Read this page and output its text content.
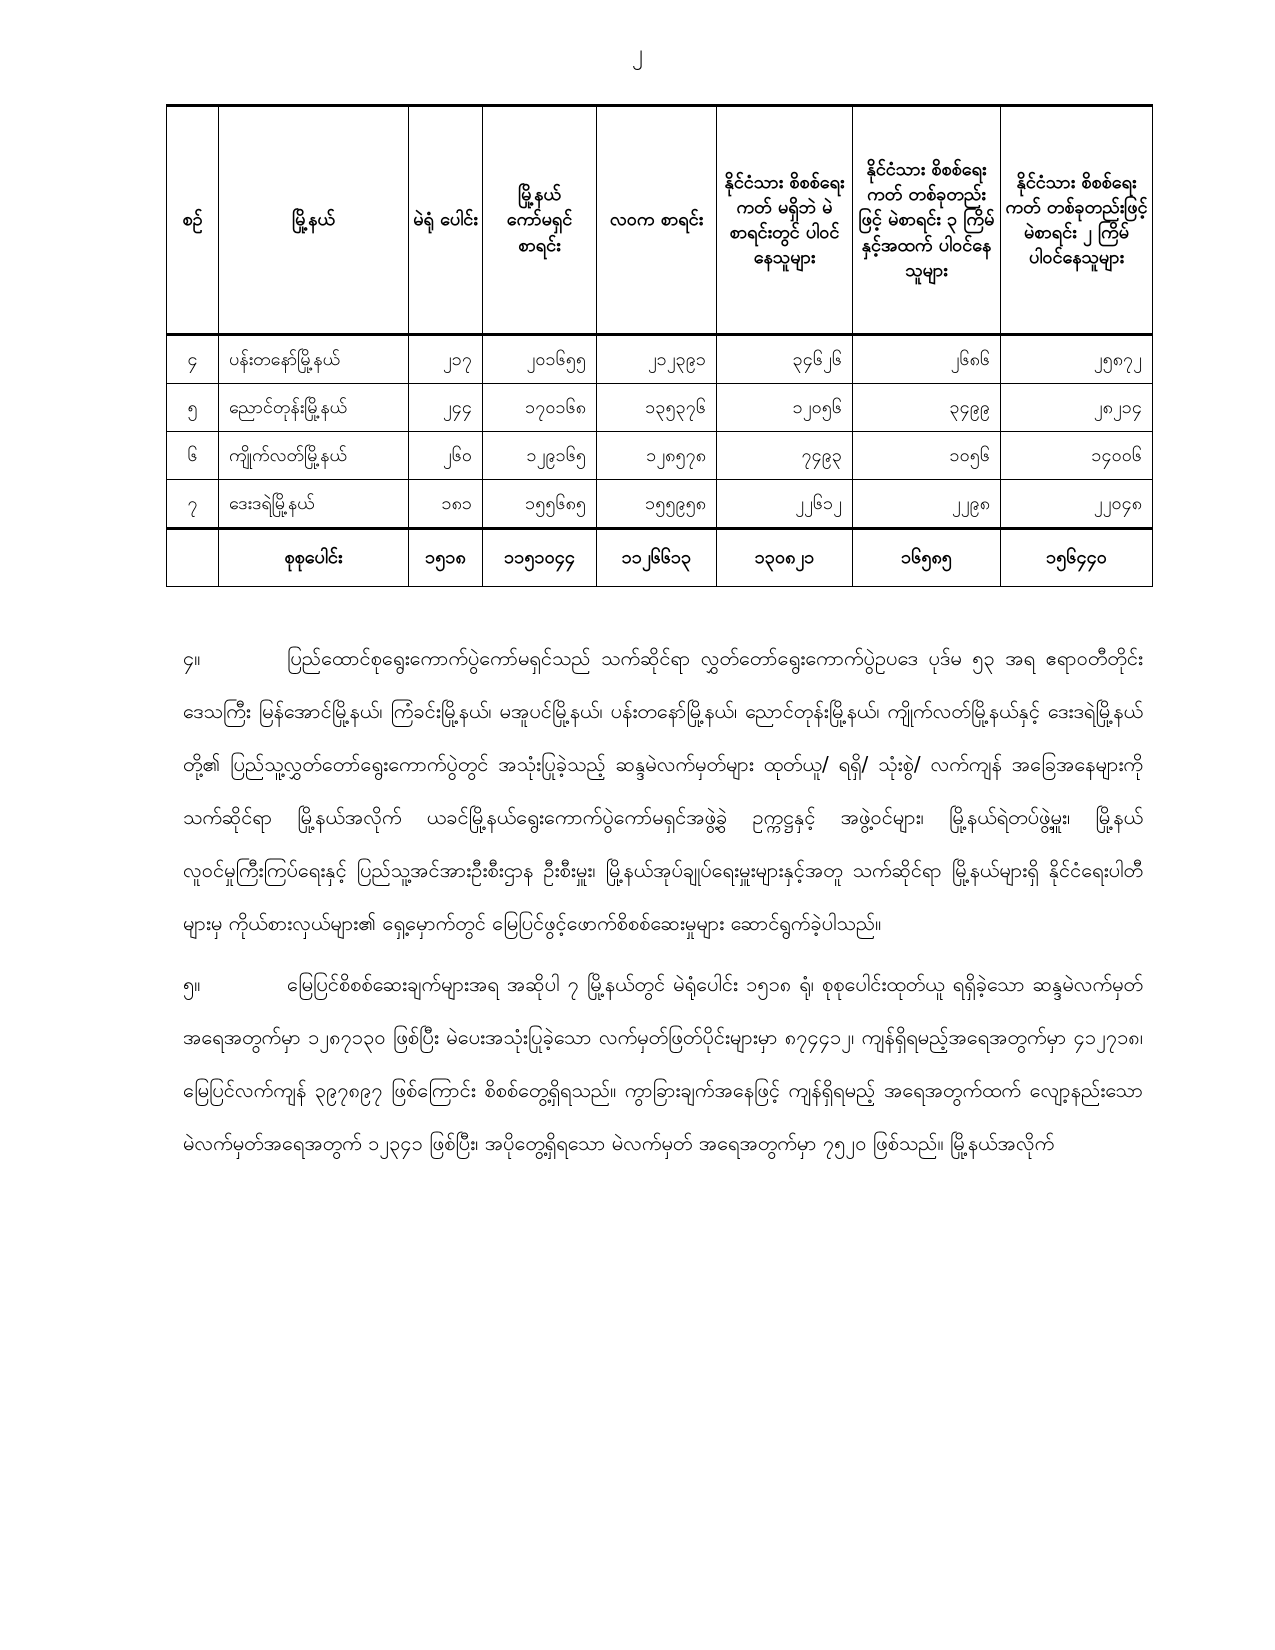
၂
စဉ်	မြို့နယ်	မဲရုံ ပေါင်း	မြို့နယ် ကော်မရှင် စာရင်း	လဝက စာရင်း	နိုင်ငံသား စိစစ်ရေးကတ် မရှိဘဲ မဲစာရင်းတွင် ပါဝင်နေသူများ	နိုင်ငံသား စိစစ်ရေးကတ် တစ်ခုတည်းဖြင့် မဲစာရင်း ၃ ကြိမ် နှင့်အထက် ပါဝင်နေသူများ	နိုင်ငံသား စိစစ်ရေးကတ် တစ်ခုတည်းဖြင့် မဲစာရင်း ၂ ကြိမ် ပါဝင်နေသူများ
၄	ပန်းတနော်မြို့နယ်	၂၁၇	၂၀၁၆၅၅	၂၁၂၃၉၁	၃၄၆၂၆	၂၆၈၆	၂၅၈၇၂
၅	ညောင်တုန်းမြို့နယ်	၂၄၄	၁၇၀၁၆၈	၁၃၅၃၇၆	၁၂၀၅၆	၃၄၉၉	၂၈၂၁၄
၆	ကျိုက်လတ်မြို့နယ်	၂၆၀	၁၂၉၁၆၅	၁၂၈၅၇၈	၇၄၉၃	၁၀၅၆	၁၄၀၀၆
၇	ဒေးဒရဲမြို့နယ်	၁၈၁	၁၅၅၆၈၅	၁၅၅၉၅၈	၂၂၆၁၂	၂၂၉၈	၂၂၀၄၈
	စုစုပေါင်း	၁၅၁၈	၁၁၅၁၀၄၄	၁၁၂၆၆၁၃	၁၃၀၈၂၁	၁၆၅၈၅	၁၅၆၄၄၀

၄။	ပြည်ထောင်စုရွေးကောက်ပွဲကော်မရှင်သည် သက်ဆိုင်ရာ လွှတ်တော်ရွေးကောက်ပွဲဥပဒေ ပုဒ်မ ၅၃ အရ ဧရာဝတီတိုင်းဒေသကြီး မြန်အောင်မြို့နယ်၊ ကြံခင်းမြို့နယ်၊ မအူပင်မြို့နယ်၊ ပန်းတနော်မြို့နယ်၊ ညောင်တုန်းမြို့နယ်၊ ကျိုက်လတ်မြို့နယ်နှင့် ဒေးဒရဲမြို့နယ်တို့၏ ပြည်သူ့လွှတ်တော်ရွေးကောက်ပွဲတွင် အသုံးပြုခဲ့သည့် ဆန္ဒမဲလက်မှတ်များ ထုတ်ယူ/ ရရှိ/ သုံးစွဲ/ လက်ကျန် အခြေအနေများကို သက်ဆိုင်ရာ မြို့နယ်အလိုက် ယခင်မြို့နယ်ရွေးကောက်ပွဲကော်မရှင်အဖွဲ့ခွဲ ဥက္ကဋ္ဌနှင့် အဖွဲ့ဝင်များ၊ မြို့နယ်ရဲတပ်ဖွဲ့မှူး၊ မြို့နယ်လူဝင်မှုကြီးကြပ်ရေးနှင့် ပြည်သူ့အင်အားဦးစီးဌာန ဦးစီးမှူး၊ မြို့နယ်အုပ်ချုပ်ရေးမှူးများနှင့်အတူ သက်ဆိုင်ရာ မြို့နယ်များရှိ နိုင်ငံရေးပါတီများမှ ကိုယ်စားလှယ်များ၏ ရှေ့မှောက်တွင် မြေပြင်ဖွင့်ဖောက်စိစစ်ဆေးမှုများ ဆောင်ရွက်ခဲ့ပါသည်။

၅။	မြေပြင်စိစစ်ဆေးချက်များအရ အဆိုပါ ၇ မြို့နယ်တွင် မဲရုံပေါင်း ၁၅၁၈ ရုံ၊ စုစုပေါင်းထုတ်ယူ ရရှိခဲ့သော ဆန္ဒမဲလက်မှတ်အရေအတွက်မှာ ၁၂၈၇၁၃၀ ဖြစ်ပြီး မဲပေးအသုံးပြုခဲ့သော လက်မှတ်ဖြတ်ပိုင်းများမှာ ၈၇၄၄၁၂၊ ကျန်ရှိရမည့်အရေအတွက်မှာ ၄၁၂၇၁၈၊ မြေပြင်လက်ကျန် ၃၉၇၈၉၇ ဖြစ်ကြောင်း စိစစ်တွေ့ရှိရသည်။ ကွာခြားချက်အနေဖြင့် ကျန်ရှိရမည့် အရေအတွက်ထက် လျော့နည်းသော မဲလက်မှတ်အရေအတွက် ၁၂၃၄၁ ဖြစ်ပြီး၊ အပိုတွေ့ရှိရသော မဲလက်မှတ် အရေအတွက်မှာ ၇၅၂၀ ဖြစ်သည်။ မြို့နယ်အလိုက်
